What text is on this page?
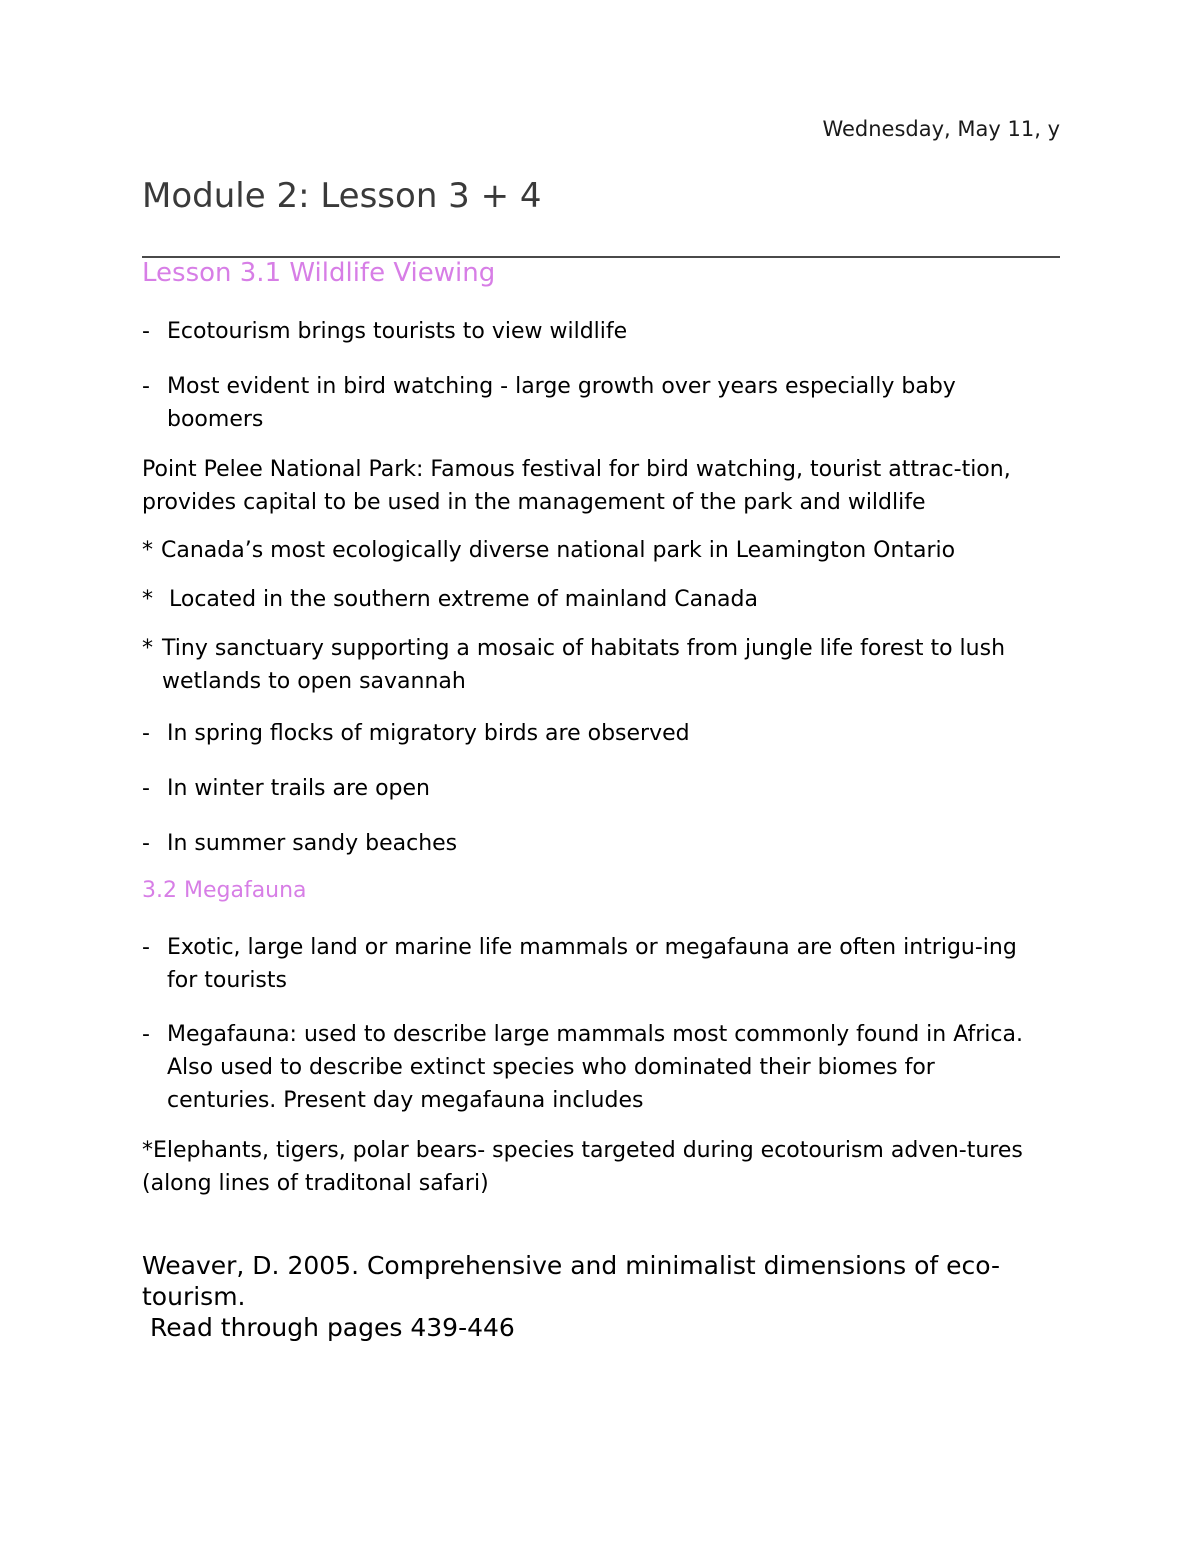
Wednesday, May 11, y
Module 2: Lesson 3 + 4
Lesson 3.1 Wildlife Viewing
- Ecotourism brings tourists to view wildlife
- Most evident in bird watching - large growth over years especially baby boomers
Point Pelee National Park: Famous festival for bird watching, tourist attrac-tion, provides capital to be used in the management of the park and wildlife
* Canada’s most ecologically diverse national park in Leamington Ontario
* Located in the southern extreme of mainland Canada
* Tiny sanctuary supporting a mosaic of habitats from jungle life forest to lush wetlands to open savannah
- In spring flocks of migratory birds are observed
- In winter trails are open
- In summer sandy beaches
3.2 Megafauna
- Exotic, large land or marine life mammals or megafauna are often intrigu-ing for tourists
- Megafauna: used to describe large mammals most commonly found in Africa. Also used to describe extinct species who dominated their biomes for centuries. Present day megafauna includes
*Elephants, tigers, polar bears- species targeted during ecotourism adven-tures (along lines of traditonal safari)
Weaver, D. 2005. Comprehensive and minimalist dimensions of eco-tourism.
Read through pages 439-446
